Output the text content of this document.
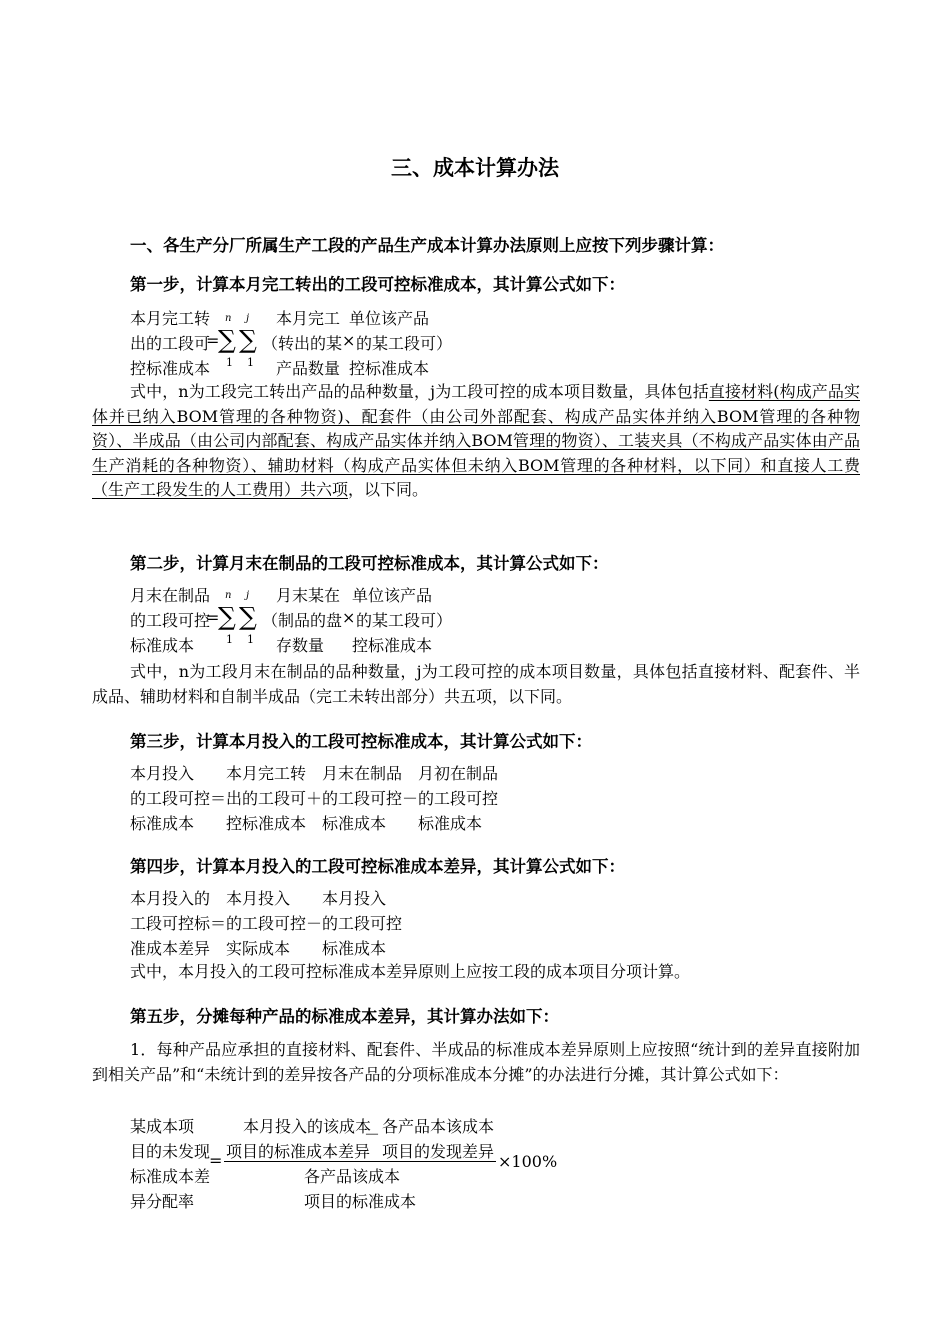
三、成本计算办法

一、各生产分厂所属生产工段的产品生产成本计算办法原则上应按下列步骤计算：

第一步，计算本月完工转出的工段可控标准成本，其计算公式如下：

本月完工转
出的工段可
控标准成本
=
n j
∑ ∑
1 1
本月完工
（转出的某
产品数量
×
单位该产品
的某工段可）
控标准成本

式中，n为工段完工转出产品的品种数量，j为工段可控的成本项目数量，具体包括直接材料(构成产品实体并已纳入BOM管理的各种物资)、配套件（由公司外部配套、构成产品实体并纳入BOM管理的各种物资）、半成品（由公司内部配套、构成产品实体并纳入BOM管理的物资）、工装夹具（不构成产品实体由产品生产消耗的各种物资）、辅助材料（构成产品实体但未纳入BOM管理的各种材料，以下同）和直接人工费（生产工段发生的人工费用）共六项，以下同。

第二步，计算月末在制品的工段可控标准成本，其计算公式如下：

月末在制品
的工段可控
标准成本
=
n j
∑ ∑
1 1
月末某在
（制品的盘
存数量
×
单位该产品
的某工段可）
控标准成本

式中，n为工段月末在制品的品种数量，j为工段可控的成本项目数量，具体包括直接材料、配套件、半成品、辅助材料和自制半成品（完工未转出部分）共五项，以下同。

第三步，计算本月投入的工段可控标准成本，其计算公式如下：

本月投入　　本月完工转　月末在制品　月初在制品
的工段可控＝出的工段可＋的工段可控－的工段可控
标准成本　　控标准成本　标准成本　　标准成本

第四步，计算本月投入的工段可控标准成本差异，其计算公式如下：

本月投入的　本月投入　　本月投入
工段可控标＝的工段可控－的工段可控
准成本差异　实际成本　　标准成本

式中，本月投入的工段可控标准成本差异原则上应按工段的成本项目分项计算。

第五步，分摊每种产品的标准成本差异，其计算办法如下：

1．每种产品应承担的直接材料、配套件、半成品的标准成本差异原则上应按照“统计到的差异直接附加到相关产品”和“未统计到的差异按各产品的分项标准成本分摊”的办法进行分摊，其计算公式如下：

某成本项
目的未发现
标准成本差
异分配率
=
本月投入的该成本
项目的标准成本差异
－ 各产品本该成本
项目的发现差异
×100%
各产品该成本
项目的标准成本
